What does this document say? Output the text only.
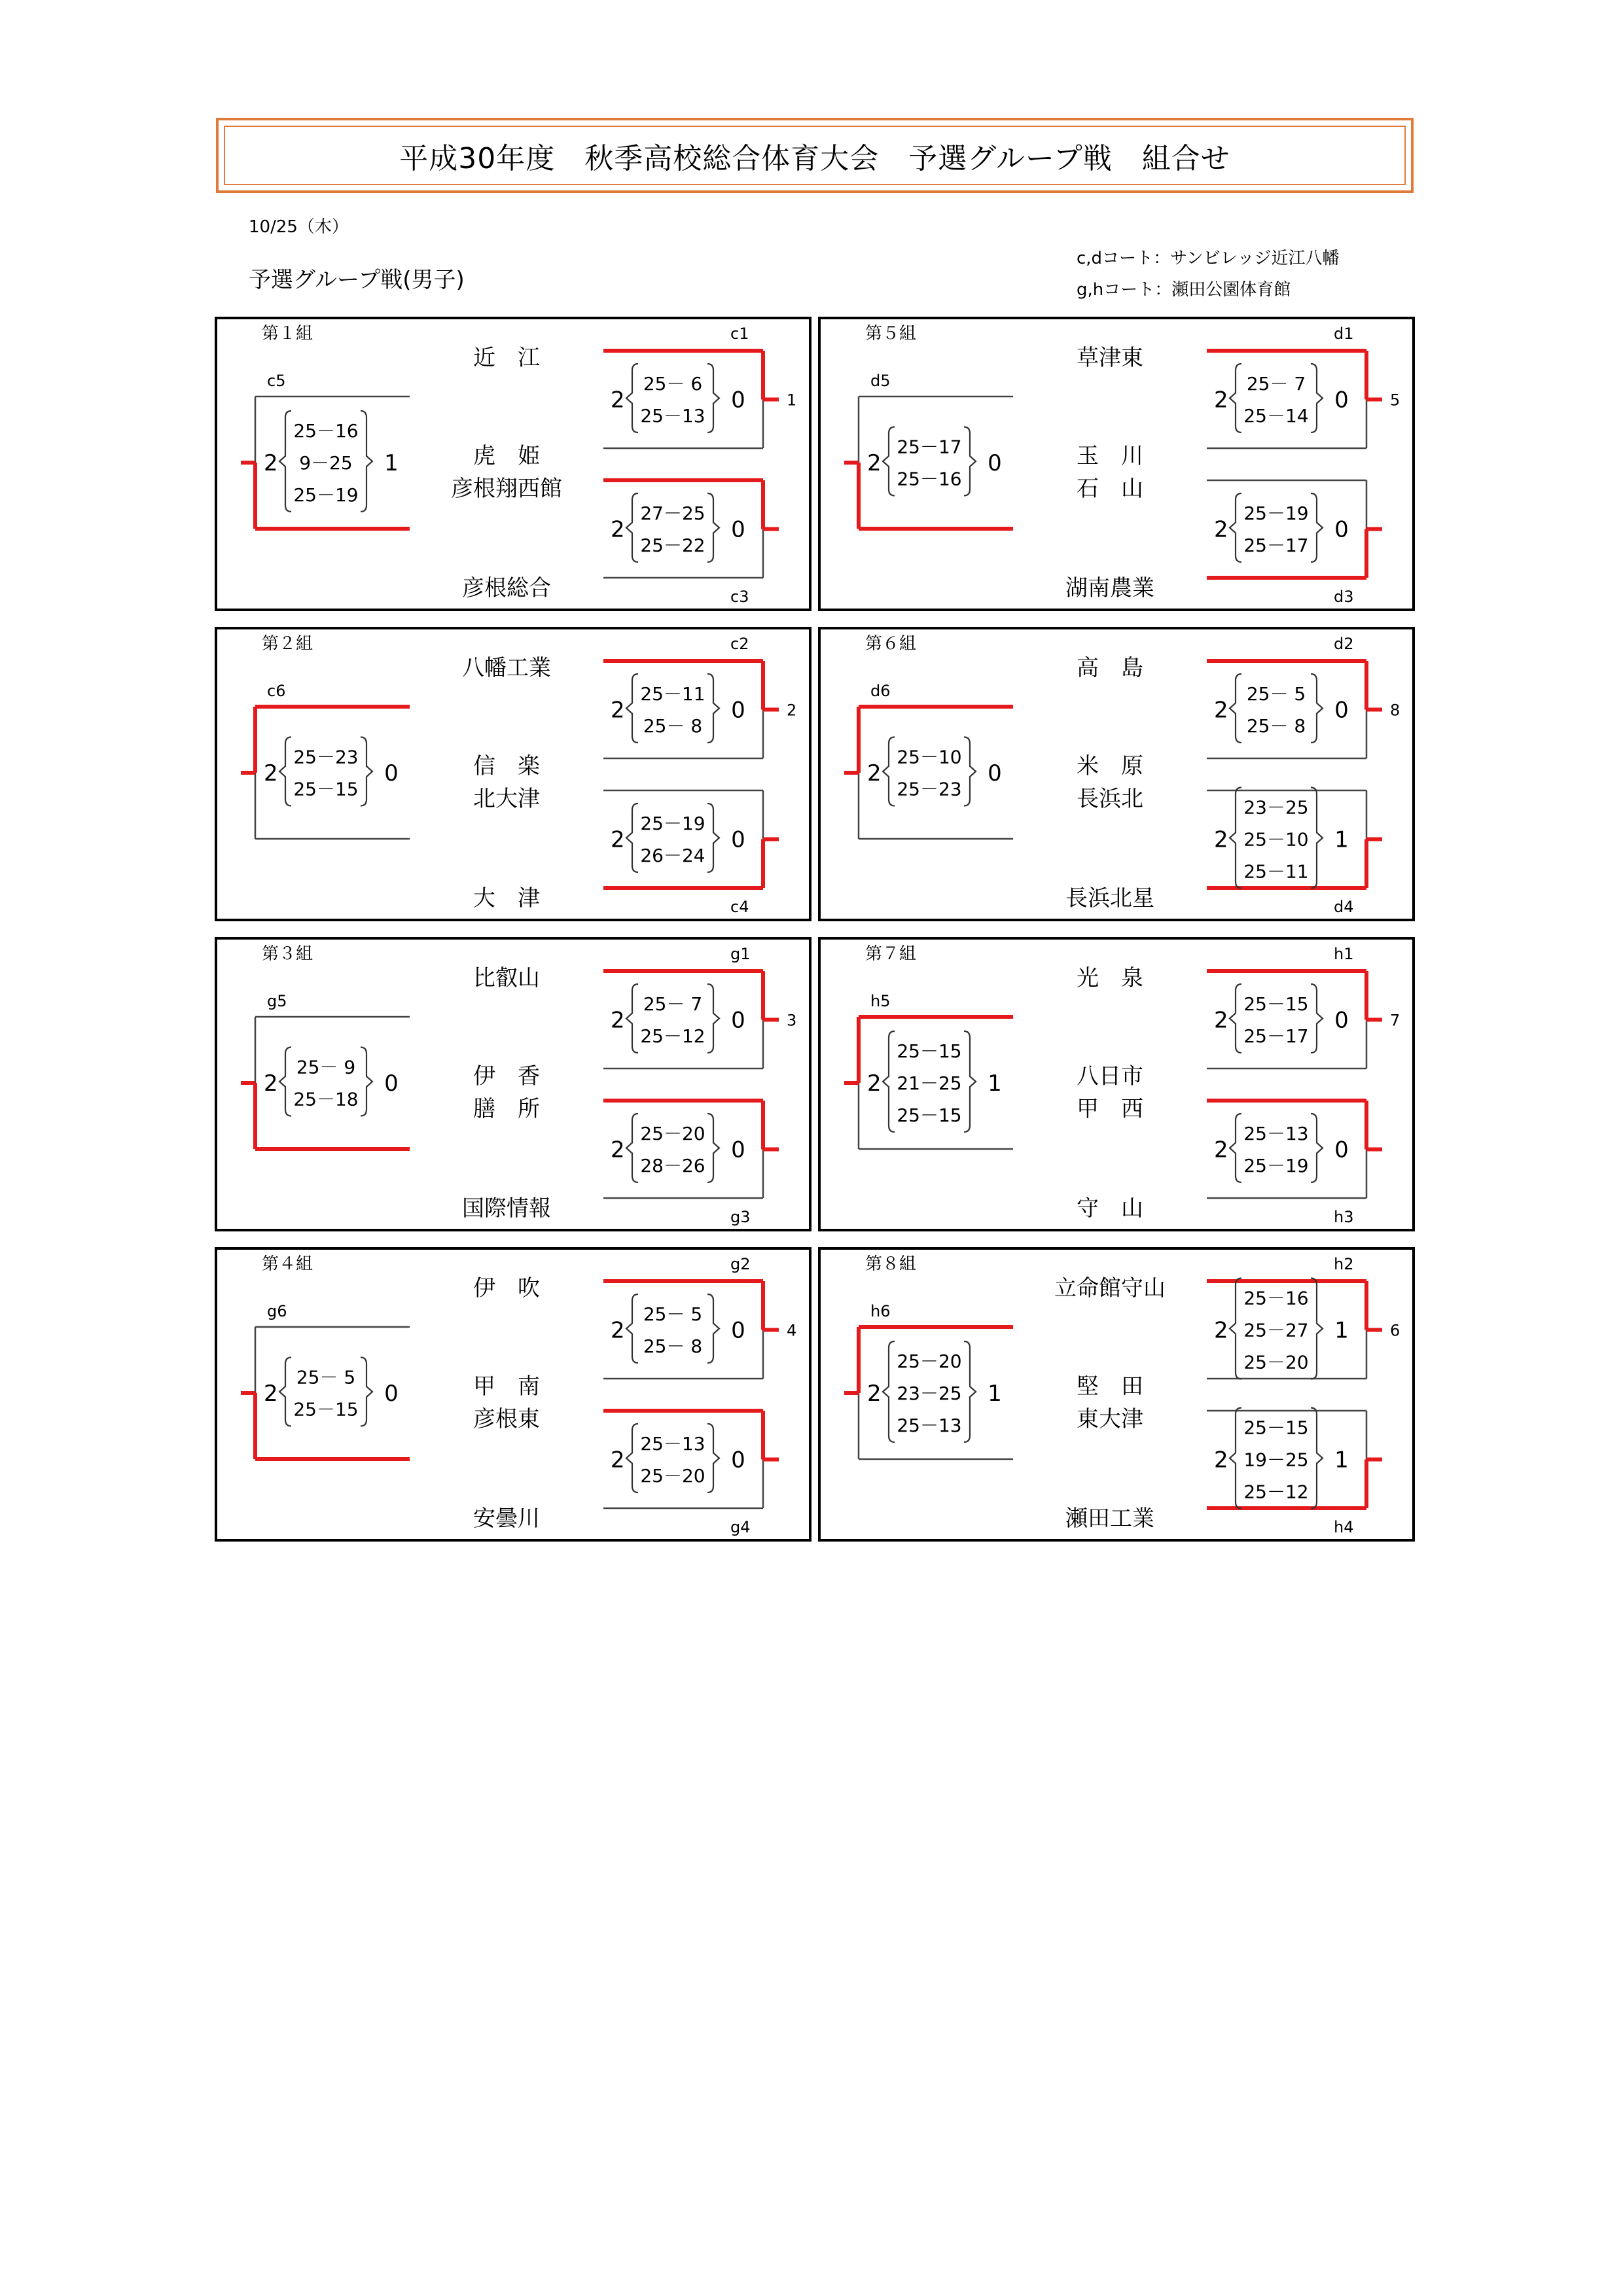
平成30年度　秋季高校総合体育大会　予選グループ戦　組合せ
10/25（木）
予選グループ戦(男子)
c,dコート：サンビレッジ近江八幡
g,hコート：瀬田公園体育館
第１組
近　江
虎　姫
彦根翔西館
彦根総合
c1
1
2	0
25－ 6
25－13
c3
2	0
27－25
25－22
c5
2	1
25－16
9－25
25－19
第２組
八幡工業
信　楽
北大津
大　津
c2
2
2	0
25－11
25－ 8
c4
2	0
25－19
26－24
c6
2	0
25－23
25－15
第３組
比叡山
伊　香
膳　所
国際情報
g1
3
2	0
25－ 7
25－12
g3
2	0
25－20
28－26
g5
2	0
25－ 9
25－18
第４組
伊　吹
甲　南
彦根東
安曇川
g2
4
2	0
25－ 5
25－ 8
g4
2	0
25－13
25－20
g6
2	0
25－ 5
25－15
第５組
草津東
玉　川
石　山
湖南農業
d1
5
2	0
25－ 7
25－14
d3
2	0
25－19
25－17
d5
2	0
25－17
25－16
第６組
高　島
米　原
長浜北
長浜北星
d2
8
2	0
25－ 5
25－ 8
d4
2	1
23－25
25－10
25－11
d6
2	0
25－10
25－23
第７組
光　泉
八日市
甲　西
守　山
h1
7
2	0
25－15
25－17
h3
2	0
25－13
25－19
h5
2	1
25－15
21－25
25－15
第８組
立命館守山
堅　田
東大津
瀬田工業
h2
6
2	1
25－16
25－27
25－20
h4
2	1
25－15
19－25
25－12
h6
2	1
25－20
23－25
25－13
